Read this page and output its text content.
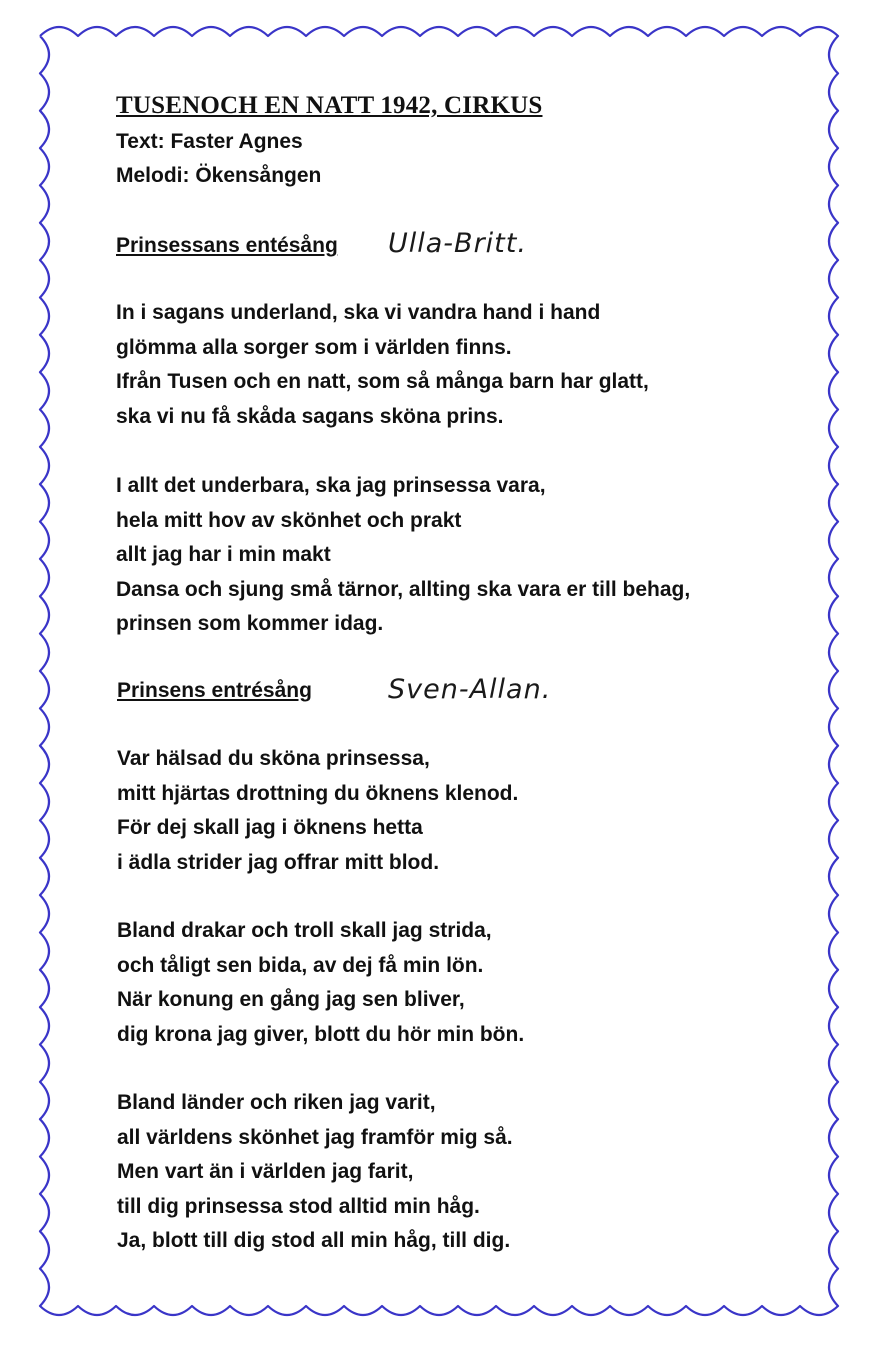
TUSENOCH EN NATT 1942, CIRKUS
Text: Faster Agnes
Melodi: Ökensången
Prinsessans entésång Ulla-Britt.
In i sagans underland, ska vi vandra hand i hand
glömma alla sorger som i världen finns.
Ifrån Tusen och en natt, som så många barn har glatt,
ska vi nu få skåda sagans sköna prins.
I allt det underbara, ska jag prinsessa vara,
hela mitt hov av skönhet och prakt
allt jag har i min makt
Dansa och sjung små tärnor, allting ska vara er till behag,
prinsen som kommer idag.
Prinsens entrésång	Sven-Allan.
Var hälsad du sköna prinsessa,
mitt hjärtas drottning du öknens klenod.
För dej skall jag i öknens hetta
i ädla strider jag offrar mitt blod.
Bland drakar och troll skall jag strida,
och tåligt sen bida, av dej få min lön.
När konung en gång jag sen bliver,
dig krona jag giver, blott du hör min bön.
Bland länder och riken jag varit,
all världens skönhet jag framför mig så.
Men vart än i världen jag farit,
till dig prinsessa stod alltid min håg.
Ja, blott till dig stod all min håg, till dig.
